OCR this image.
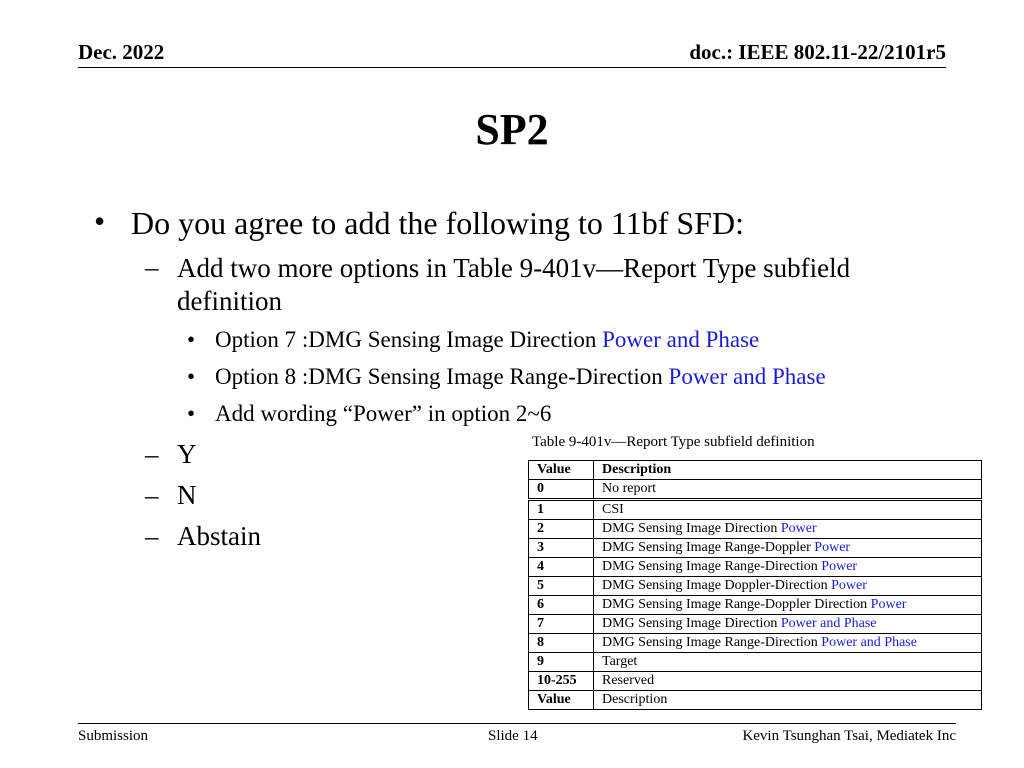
Dec. 2022	doc.: IEEE 802.11-22/2101r5
SP2
• Do you agree to add the following to 11bf SFD:
– Add two more options in Table 9-401v—Report Type subfield
definition
• Option 7 :DMG Sensing Image Direction Power and Phase
• Option 8 :DMG Sensing Image Range-Direction Power and Phase
• Add wording “Power” in option 2~6
– Y
– N
– Abstain
Table 9-401v—Report Type subfield definition
Value	Description
0	No report
1	CSI
2	DMG Sensing Image Direction Power
3	DMG Sensing Image Range-Doppler Power
4	DMG Sensing Image Range-Direction Power
5	DMG Sensing Image Doppler-Direction Power
6	DMG Sensing Image Range-Doppler Direction Power
7	DMG Sensing Image Direction Power and Phase
8	DMG Sensing Image Range-Direction Power and Phase
9	Target
10-255	Reserved
Value	Description
Submission	Slide 14	Kevin Tsunghan Tsai, Mediatek Inc
